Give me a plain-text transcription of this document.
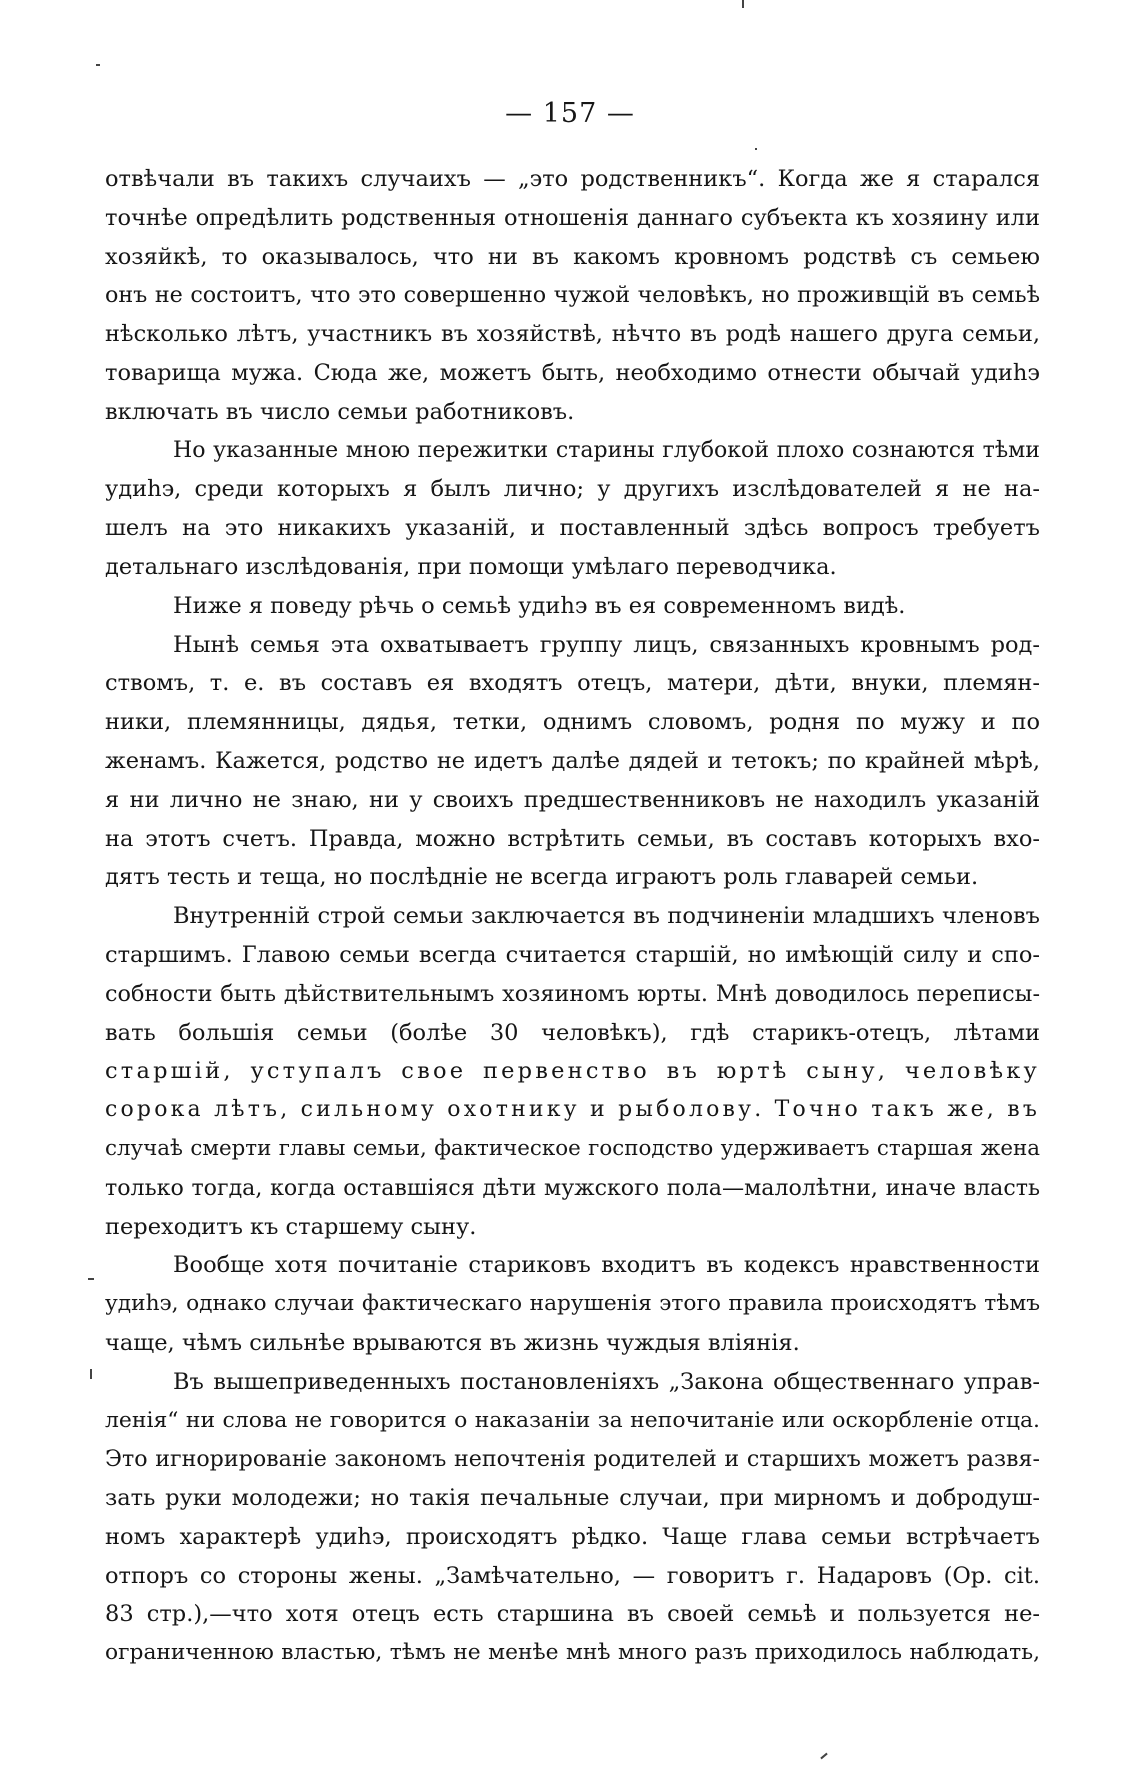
— 157 —
отвѣчали въ такихъ случаихъ — „это родственникъ“. Когда же я старался
точнѣе опредѣлить родственныя отношенія даннаго субъекта къ хозяину или
хозяйкѣ, то оказывалось, что ни въ какомъ кровномъ родствѣ съ семьею
онъ не состоитъ, что это совершенно чужой человѣкъ, но проживщій въ семьѣ
нѣсколько лѣтъ, участникъ въ хозяйствѣ, нѣчто въ родѣ нашего друга семьи,
товарища мужа. Сюда же, можетъ быть, необходимо отнести обычай удиһэ
включать въ число семьи работниковъ.
Но указанные мною пережитки старины глубокой плохо сознаются тѣми
удиһэ, среди которыхъ я былъ лично; у другихъ изслѣдователей я не на-
шелъ на это никакихъ указаній, и поставленный здѣсь вопросъ требуетъ
детальнаго изслѣдованія, при помощи умѣлаго переводчика.
Ниже я поведу рѣчь о семьѣ удиһэ въ ея современномъ видѣ.
Нынѣ семья эта охватываетъ группу лицъ, связанныхъ кровнымъ род-
ствомъ, т. е. въ составъ ея входятъ отецъ, матери, дѣти, внуки, племян-
ники, племянницы, дядья, тетки, однимъ словомъ, родня по мужу и по
женамъ. Кажется, родство не идетъ далѣе дядей и тетокъ; по крайней мѣрѣ,
я ни лично не знаю, ни у своихъ предшественниковъ не находилъ указаній
на этотъ счетъ. Правда, можно встрѣтить семьи, въ составъ которыхъ вхо-
дятъ тесть и теща, но послѣдніе не всегда играютъ роль главарей семьи.
Внутренній строй семьи заключается въ подчиненіи младшихъ членовъ
старшимъ. Главою семьи всегда считается старшій, но имѣющій силу и спо-
собности быть дѣйствительнымъ хозяиномъ юрты. Мнѣ доводилось переписы-
вать большія семьи (болѣе 30 человѣкъ), гдѣ старикъ-отецъ, лѣтами
старшій, уступалъ свое первенство въ юртѣ сыну, человѣку
сорока лѣтъ, сильному охотнику и рыболову. Точно такъ же, въ
случаѣ смерти главы семьи, фактическое господство удерживаетъ старшая жена
только тогда, когда оставшіяся дѣти мужского пола—малолѣтни, иначе власть
переходитъ къ старшему сыну.
Вообще хотя почитаніе стариковъ входитъ въ кодексъ нравственности
удиһэ, однако случаи фактическаго нарушенія этого правила происходятъ тѣмъ
чаще, чѣмъ сильнѣе врываются въ жизнь чуждыя вліянія.
Въ вышеприведенныхъ постановленіяхъ „Закона общественнаго управ-
ленія“ ни слова не говорится о наказаніи за непочитаніе или оскорбленіе отца.
Это игнорированіе закономъ непочтенія родителей и старшихъ можетъ развя-
зать руки молодежи; но такія печальные случаи, при мирномъ и добродуш-
номъ характерѣ удиһэ, происходятъ рѣдко. Чаще глава семьи встрѣчаетъ
отпоръ со стороны жены. „Замѣчательно, — говоритъ г. Надаровъ (Op. cit.
83 стр.),—что хотя отецъ есть старшина въ своей семьѣ и пользуется не-
ограниченною властью, тѣмъ не менѣе мнѣ много разъ приходилось наблюдать,
